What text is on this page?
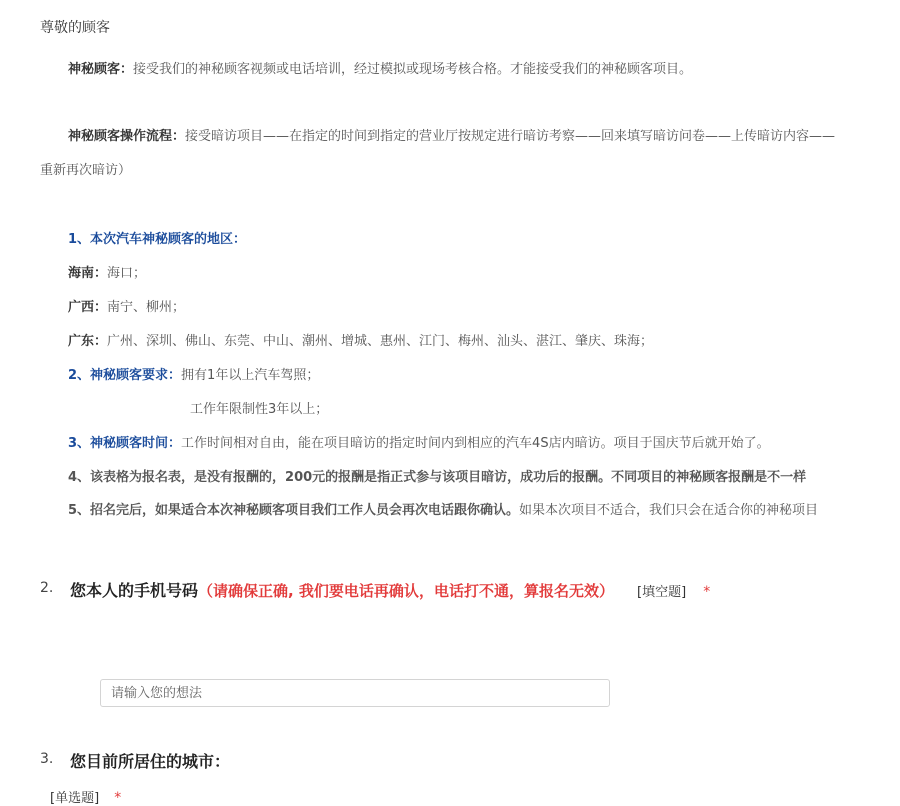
尊敬的顾客
神秘顾客：接受我们的神秘顾客视频或电话培训，经过模拟或现场考核合格。才能接受我们的神秘顾客项目。
神秘顾客操作流程：接受暗访项目——在指定的时间到指定的营业厅按规定进行暗访考察——回来填写暗访问卷——上传暗访内容——
重新再次暗访）
1、本次汽车神秘顾客的地区：
海南：海口；
广西：南宁、柳州；
广东：广州、深圳、佛山、东莞、中山、潮州、增城、惠州、江门、梅州、汕头、湛江、肇庆、珠海；
2、神秘顾客要求：拥有1年以上汽车驾照；
工作年限制性3年以上；
3、神秘顾客时间：工作时间相对自由，能在项目暗访的指定时间内到相应的汽车4S店内暗访。项目于国庆节后就开始了。
4、该表格为报名表，是没有报酬的，200元的报酬是指正式参与该项目暗访，成功后的报酬。不同项目的神秘顾客报酬是不一样
5、招名完后，如果适合本次神秘顾客项目我们工作人员会再次电话跟你确认。如果本次项目不适合，我们只会在适合你的神秘项目
2. 您本人的手机号码（请确保正确, 我们要电话再确认，电话打不通，算报名无效） [填空题] *
请输入您的想法
3. 您目前所居住的城市：
[单选题] *
